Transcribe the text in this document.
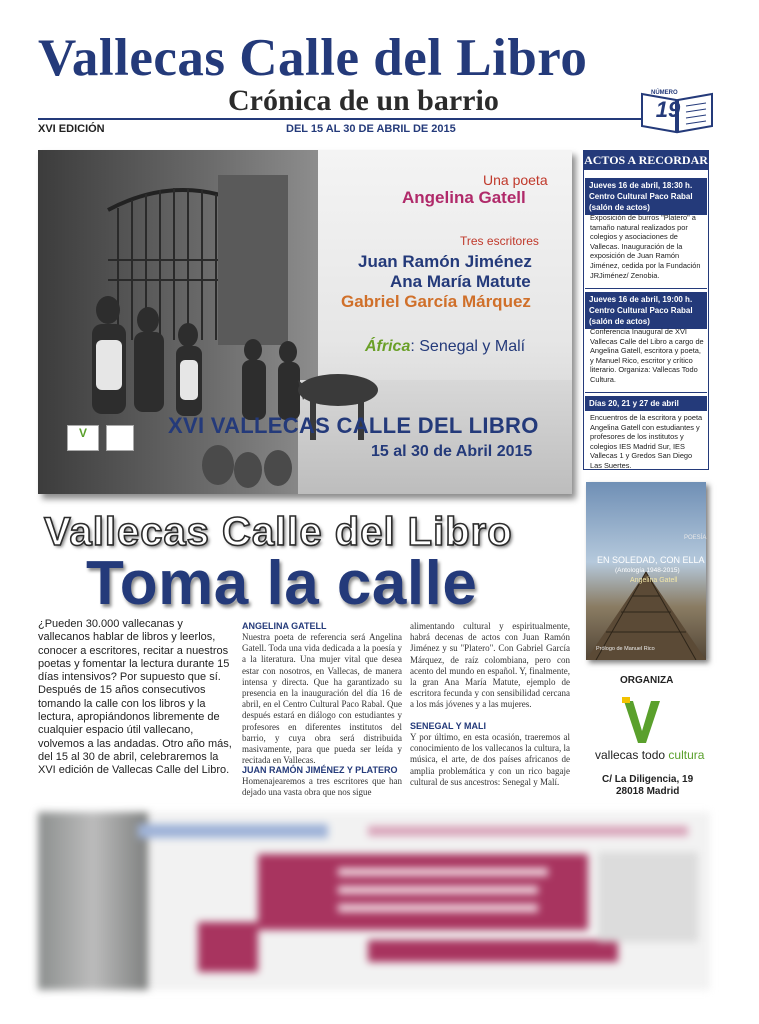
Vallecas Calle del Libro
Crónica de un barrio	NÚMERO
19
XVI EDICIÓN	DEL 15 AL 30 DE ABRIL DE 2015
Una poeta
Angelina Gatell
Tres escritores
Juan Ramón Jiménez
Ana María Matute
Gabriel García Márquez
África: Senegal y Malí
XVI VALLECAS CALLE DEL LIBRO
15 al 30 de Abril 2015
V
ACTOS A RECORDAR
Jueves 16 de abril, 18:30 h. Centro Cultural Paco Rabal (salón de actos)
Exposición de burros "Platero" a tamaño natural realizados por colegios y asociaciones de Vallecas. Inauguración de la exposición de Juan Ramón Jiménez, cedida por la Fundación JRJiménez/ Zenobia.
Jueves 16 de abril, 19:00 h. Centro Cultural Paco Rabal (salón de actos)
Conferencia Inaugural de XVI Vallecas Calle del Libro a cargo de Angelina Gatell, escritora y poeta, y Manuel Rico, escritor y crítico literario. Organiza: Vallecas Todo Cultura.
Días 20, 21 y 27 de abril
Encuentros de la escritora y poeta Angelina Gatell con estudiantes y profesores de los institutos y colegios IES Madrid Sur, IES Vallecas 1 y Gredos San Diego Las Suertes.
POESÍA
EN SOLEDAD, CON ELLA
(Antología 1948-2015)
Angelina Gatell
Prólogo de Manuel Rico
ORGANIZA
vallecas todo cultura
C/ La Diligencia, 19
28018 Madrid
Vallecas Calle del Libro
Toma la calle
¿Pueden 30.000 vallecanas y vallecanos hablar de libros y leerlos, conocer a escritores, recitar a nuestros poetas y fomentar la lectura durante 15 días intensivos? Por supuesto que sí. Después de 15 años consecutivos tomando la calle con los libros y la lectura, apropiándonos libremente de cualquier espacio útil vallecano, volvemos a las andadas. Otro año más, del 15 al 30 de abril, celebraremos la XVI edición de Vallecas Calle del Libro.
ANGELINA GATELL
Nuestra poeta de referencia será Angelina Gatell. Toda una vida dedicada a la poesía y a la literatura. Una mujer vital que desea estar con nosotros, en Vallecas, de manera intensa y directa. Que ha garantizado su presencia en la inauguración del día 16 de abril, en el Centro Cultural Paco Rabal. Que después estará en diálogo con estudiantes y profesores en diferentes institutos del barrio, y cuya obra será distribuida masivamente, para que pueda ser leída y recitada en Vallecas.
JUAN RAMÓN JIMÉNEZ Y PLATERO
Homenajearemos a tres escritores que han dejado una vasta obra que nos sigue
alimentando cultural y espiritualmente, habrá decenas de actos con Juan Ramón Jiménez y su "Platero". Con Gabriel García Márquez, de raíz colombiana, pero con acento del mundo en español. Y, finalmente, la gran Ana María Matute, ejemplo de escritora fecunda y con sensibilidad cercana a los más jóvenes y a las mujeres.
SENEGAL Y MALI
Y por último, en esta ocasión, traeremos al conocimiento de los vallecanos la cultura, la música, el arte, de dos países africanos de amplia problemática y con un rico bagaje cultural de sus ancestros: Senegal y Malí.
